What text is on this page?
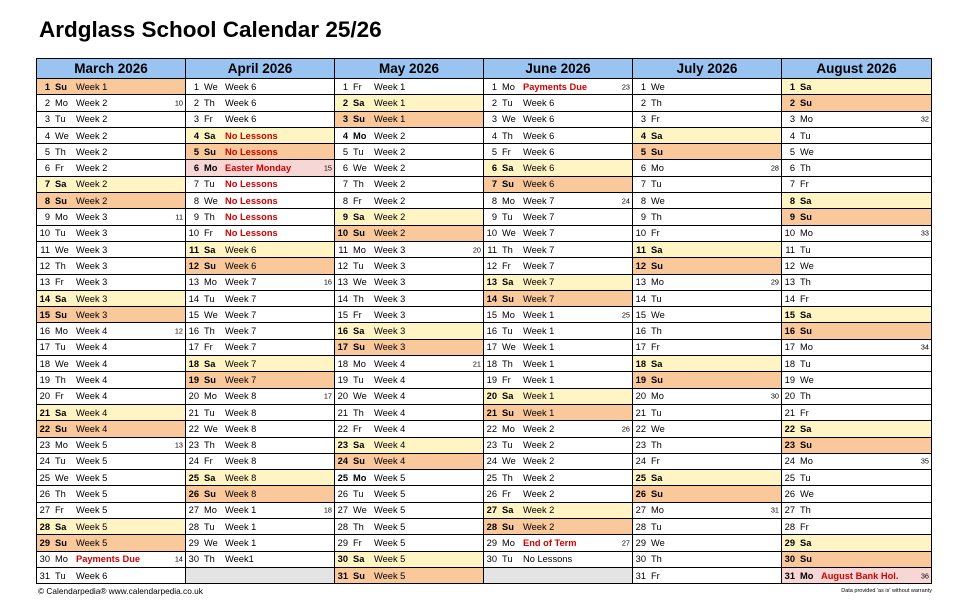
Ardglass School Calendar 25/26
March 2026
1 Su Week 1
2 Mo Week 2	10
3 Tu	Week 2
4 We Week 2
5 Th	Week 2
6 Fr	Week 2
7 Sa	Week 2
8 Su Week 2
9 Mo Week 3	11
10 Tu	Week 3
11 We Week 3
12 Th	Week 3
13 Fr	Week 3
14 Sa	Week 3
15 Su Week 3
16 Mo Week 4	12
17 Tu	Week 4
18 We Week 4
19 Th	Week 4
20 Fr	Week 4
21 Sa	Week 4
22 Su Week 4
23 Mo Week 5	13
24 Tu	Week 5
25 We Week 5
26 Th	Week 5
27 Fr	Week 5
28 Sa	Week 5
29 Su Week 5
30 Mo Payments Due	14
31 Tu	Week 6
April 2026
1 We Week 6
2 Th	Week 6
3 Fr	Week 6
4 Sa	No Lessons
5 Su No Lessons
6 Mo Easter Monday	15
7 Tu	No Lessons
8 We No Lessons
9 Th	No Lessons
10 Fr	No Lessons
11 Sa	Week 6
12 Su Week 6
13 Mo Week 7	16
14 Tu	Week 7
15 We Week 7
16 Th	Week 7
17 Fr	Week 7
18 Sa	Week 7
19 Su Week 7
20 Mo Week 8	17
21 Tu	Week 8
22 We Week 8
23 Th	Week 8
24 Fr	Week 8
25 Sa	Week 8
26 Su Week 8
27 Mo Week 1	18
28 Tu	Week 1
29 We Week 1
30 Th	Week1
May 2026
1 Fr	Week 1
2 Sa	Week 1
3 Su Week 1
4 Mo Week 2
5 Tu	Week 2
6 We Week 2
7 Th	Week 2
8 Fr	Week 2
9 Sa	Week 2
10 Su Week 2
11 Mo Week 3	20
12 Tu	Week 3
13 We Week 3
14 Th	Week 3
15 Fr	Week 3
16 Sa	Week 3
17 Su Week 3
18 Mo Week 4	21
19 Tu	Week 4
20 We Week 4
21 Th	Week 4
22 Fr	Week 4
23 Sa	Week 4
24 Su Week 4
25 Mo Week 5
26 Tu	Week 5
27 We Week 5
28 Th	Week 5
29 Fr	Week 5
30 Sa	Week 5
31 Su Week 5
June 2026
1 Mo Payments Due	23
2 Tu	Week 6
3 We Week 6
4 Th	Week 6
5 Fr	Week 6
6 Sa	Week 6
7 Su Week 6
8 Mo Week 7	24
9 Tu	Week 7
10 We Week 7
11 Th	Week 7
12 Fr	Week 7
13 Sa	Week 7
14 Su Week 7
15 Mo Week 1	25
16 Tu	Week 1
17 We Week 1
18 Th	Week 1
19 Fr	Week 1
20 Sa	Week 1
21 Su Week 1
22 Mo Week 2	26
23 Tu	Week 2
24 We Week 2
25 Th	Week 2
26 Fr	Week 2
27 Sa	Week 2
28 Su Week 2
29 Mo End of Term	27
30 Tu	No Lessons
July 2026
1 We
2 Th
3 Fr
4 Sa
5 Su
6 Mo	28
7 Tu
8 We
9 Th
10 Fr
11 Sa
12 Su
13 Mo	29
14 Tu
15 We
16 Th
17 Fr
18 Sa
19 Su
20 Mo	30
21 Tu
22 We
23 Th
24 Fr
25 Sa
26 Su
27 Mo	31
28 Tu
29 We
30 Th
31 Fr
August 2026
1 Sa
2 Su
3 Mo	32
4 Tu
5 We
6 Th
7 Fr
8 Sa
9 Su
10 Mo	33
11 Tu
12 We
13 Th
14 Fr
15 Sa
16 Su
17 Mo	34
18 Tu
19 We
20 Th
21 Fr
22 Sa
23 Su
24 Mo	35
25 Tu
26 We
27 Th
28 Fr
29 Sa
30 Su
31 Mo August Bank Hol.	36
© Calendarpedia® www.calendarpedia.co.uk	Data provided 'as is' without warranty
